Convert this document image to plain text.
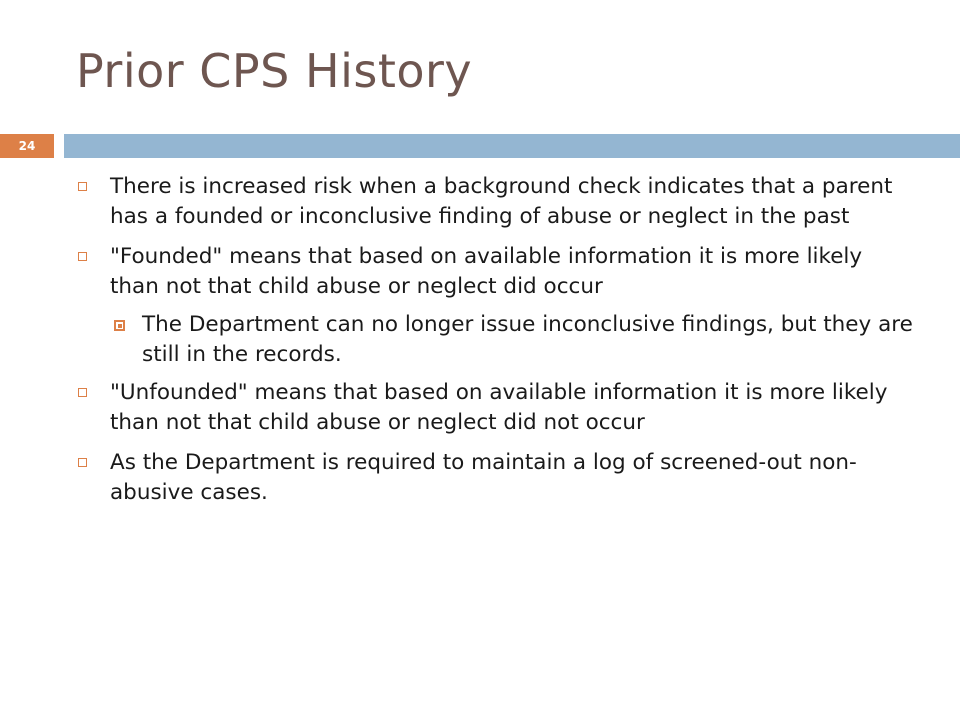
Prior CPS History
24
There is increased risk when a background check indicates that a parent has a founded or inconclusive finding of abuse or neglect in the past
"Founded" means that based on available information it is more likely than not that child abuse or neglect did occur
The Department can no longer issue inconclusive findings, but they are still in the records.
"Unfounded" means that based on available information it is more likely than not that child abuse or neglect did not occur
As the Department is required to maintain a log of screened-out non-abusive cases.
